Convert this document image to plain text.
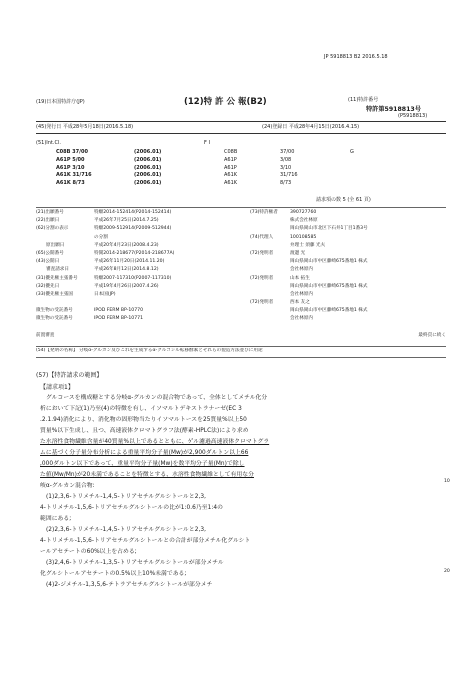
JP 5918813 B2 2016.5.18
(19)日本国特許庁(JP)	(12)特 許 公 報(B2)	(11)特許番号
特許第5918813号
(P5918813)
(45)発行日 平成28年5月18日(2016.5.18)	(24)登録日 平成28年4月15日(2016.4.15)
(51)Int.Cl.	F I
C08B 37/00	(2006.01)	C08B	37/00	G
A61P 5/00	(2006.01)	A61P	3/08
A61P 3/10	(2006.01)	A61P	3/10
A61K 31/716	(2006.01)	A61K	31/716
A61K 8/73	(2006.01)	A61K	8/73
請求項の数 5 (全 61 頁)
(21)出願番号	特願2014-152414(P2014-152414)
(22)出願日	平成26年7月25日(2014.7.25)
(62)分割の表示	特願2009-512914(P2009-512944)
の分割
原出願日	平成20年4月23日(2008.4.23)
(65)公開番号	特開2014-218677(P2014-218677A)
(43)公開日	平成26年11月20日(2014.11.20)
審査請求日	平成26年8月12日(2014.8.12)
(31)優先権主張番号	特願2007-117310(P2007-117310)
(32)優先日	平成19年4月26日(2007.4.26)
(33)優先権主張国	日本国(JP)
微生物の受託番号	IPOD FERM BP-10770
微生物の受託番号	IPOD FERM BP-10771
前置審査
(73)特許権者	390727760
株式会社林原
岡山県岡山市北区下石井1丁目1番3号
(74)代理人	100108585
弁理士 須藤 光夫
(72)発明者	渡邊 光
岡山県岡山市中区藤崎675番地1 株式
会社林原内
(72)発明者	山本 拓生
岡山県岡山市中区藤崎675番地1 株式
会社林原内
(72)発明者	西本 友之
岡山県岡山市中区藤崎675番地1 株式
会社林原内
最終頁に続く
(54)【発明の名称】 分岐α-グルカン及びこれを生成するα-グルコシル転移酵素とそれらの製造方法並びに用途
(57)【特許請求の範囲】
【請求項1】
グルコースを構成糖とする分岐α-グルカンの混合物であって、全体としてメチル化分
析において下記(1)乃至(4)の特徴を有し、イソマルトデキストラナーゼ(EC 3
.2.1.94)消化により、消化物の固形物当たりイソマルトースを25質量%以上50
質量%以下生成し、且つ、高速液体クロマトグラフ法(酵素-HPLC法)により求め
た水溶性食物繊維含量が40質量%以上であるとともに、ゲル濾過高速液体クロマトグラ
ムに基づく分子量分布分析による重量平均分子量(Mw)が2,900ダルトン以上66
,000ダルトン以下であって、重量平均分子量(Mw)を数平均分子量(Mn)で除し
た値(Mw/Mn)が20未満であることを特徴とする、水溶性食物繊維として有用な分
岐α-グルカン混合物:
(1)2,3,6-トリメチル-1,4,5-トリアセチルグルシトールと2,3,
4-トリメチル-1,5,6-トリアセチルグルシトールの比が1:0.6乃至1:4の
範囲にある;
(2)2,3,6-トリメチル-1,4,5-トリアセチルグルシトールと2,3,
4-トリメチル-1,5,6-トリアセチルグルシトールとの合計が部分メチル化グルシト
ールアセテートの60%以上を占める;
(3)2,4,6-トリメチル-1,3,5-トリアセチルグルシトールが部分メチル
化グルシトールアセテートの0.5%以上10%未満である;
(4)2-ジメチル-1,3,5,6-テトラアセチルグルシトールが部分メチ
10
20
